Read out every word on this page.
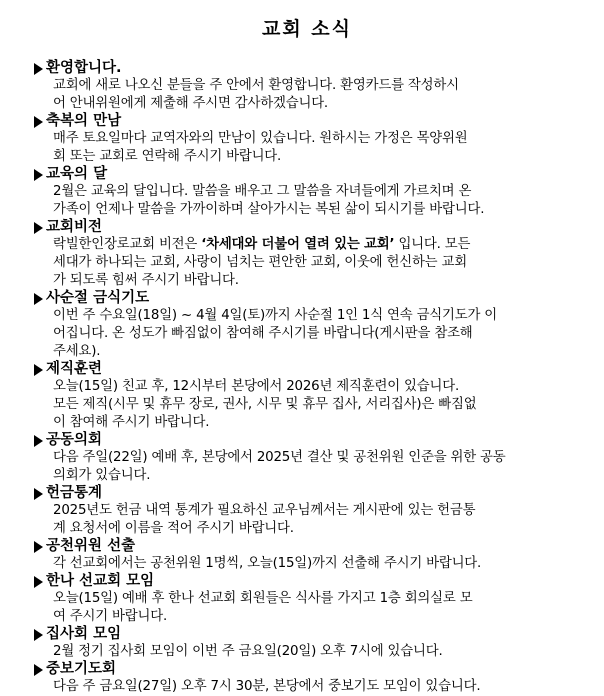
교회 소식
환영합니다.
교회에 새로 나오신 분들을 주 안에서 환영합니다. 환영카드를 작성하시
어 안내위원에게 제출해 주시면 감사하겠습니다.
축복의 만남
매주 토요일마다 교역자와의 만남이 있습니다. 원하시는 가정은 목양위원
회 또는 교회로 연락해 주시기 바랍니다.
교육의 달
2월은 교육의 달입니다. 말씀을 배우고 그 말씀을 자녀들에게 가르치며 온
가족이 언제나 말씀을 가까이하며 살아가시는 복된 삶이 되시기를 바랍니다.
교회비전
락빌한인장로교회 비전은 ‘차세대와 더불어 열려 있는 교회’ 입니다. 모든
세대가 하나되는 교회, 사랑이 넘치는 편안한 교회, 이웃에 헌신하는 교회
가 되도록 힘써 주시기 바랍니다.
사순절 금식기도
이번 주 수요일(18일) ~ 4월 4일(토)까지 사순절 1인 1식 연속 금식기도가 이
어집니다. 온 성도가 빠짐없이 참여해 주시기를 바랍니다(게시판을 참조해
주세요).
제직훈련
오늘(15일) 친교 후, 12시부터 본당에서 2026년 제직훈련이 있습니다.
모든 제직(시무 및 휴무 장로, 권사, 시무 및 휴무 집사, 서리집사)은 빠짐없
이 참여해 주시기 바랍니다.
공동의회
다음 주일(22일) 예배 후, 본당에서 2025년 결산 및 공천위원 인준을 위한 공동
의회가 있습니다.
헌금통계
2025년도 헌금 내역 통계가 필요하신 교우님께서는 게시판에 있는 헌금통
계 요청서에 이름을 적어 주시기 바랍니다.
공천위원 선출
각 선교회에서는 공천위원 1명씩, 오늘(15일)까지 선출해 주시기 바랍니다.
한나 선교회 모임
오늘(15일) 예배 후 한나 선교회 회원들은 식사를 가지고 1층 회의실로 모
여 주시기 바랍니다.
집사회 모임
2월 정기 집사회 모임이 이번 주 금요일(20일) 오후 7시에 있습니다.
중보기도회
다음 주 금요일(27일) 오후 7시 30분, 본당에서 중보기도 모임이 있습니다.
